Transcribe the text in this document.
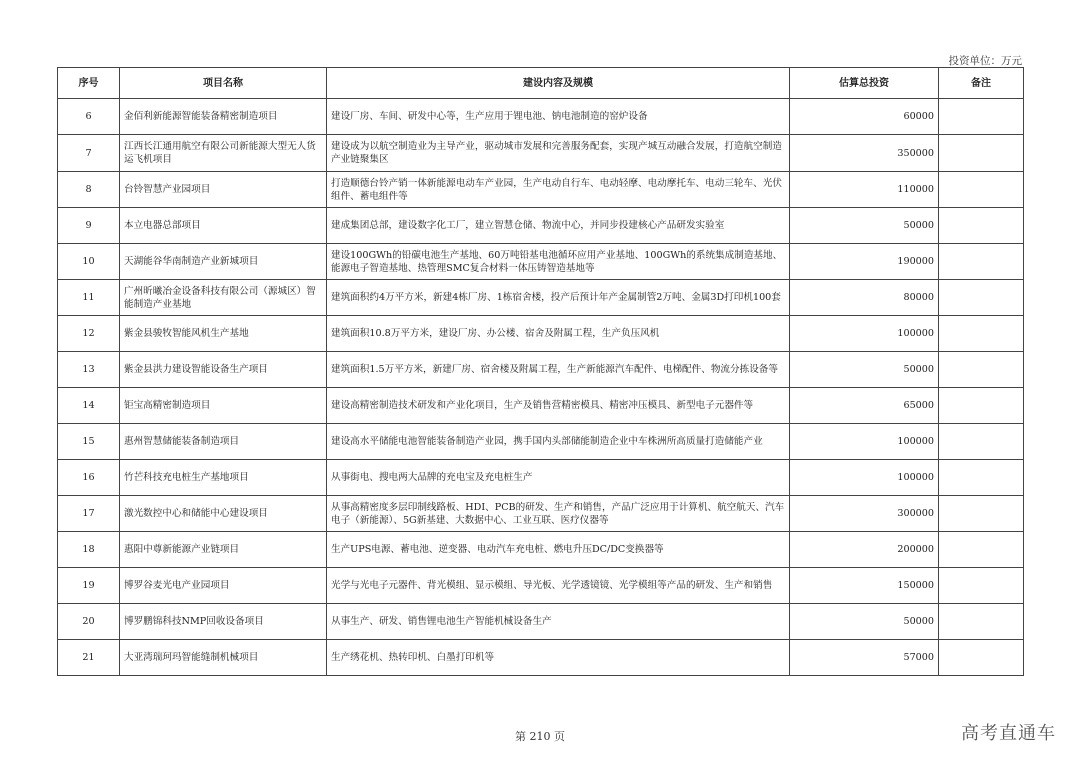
投资单位：万元
序号	项目名称	建设内容及规模	估算总投资	备注
6	金佰利新能源智能装备精密制造项目	建设厂房、车间、研发中心等，生产应用于锂电池、钠电池制造的窑炉设备	60000	
7	江西长江通用航空有限公司新能源大型无人货运飞机项目	建设成为以航空制造业为主导产业，驱动城市发展和完善服务配套，实现产城互动融合发展，打造航空制造产业链聚集区	350000	
8	台铃智慧产业园项目	打造顺德台铃产销一体新能源电动车产业园，生产电动自行车、电动轻摩、电动摩托车、电动三轮车、光伏组件、蓄电组件等	110000	
9	本立电器总部项目	建成集团总部，建设数字化工厂，建立智慧仓储、物流中心，并同步投建核心产品研发实验室	50000	
10	天湖能谷华南制造产业新城项目	建设100GWh的铅碳电池生产基地、60万吨铅基电池循环应用产业基地、100GWh的系统集成制造基地、能源电子智造基地、热管理SMC复合材料一体压铸智造基地等	190000	
11	广州昕曦冶金设备科技有限公司（源城区）智能制造产业基地	建筑面积约4万平方米，新建4栋厂房、1栋宿舍楼，投产后预计年产金属制管2万吨、金属3D打印机100套	80000	
12	紫金县骏牧智能风机生产基地	建筑面积10.8万平方米，建设厂房、办公楼、宿舍及附属工程，生产负压风机	100000	
13	紫金县洪力建设智能设备生产项目	建筑面积1.5万平方米，新建厂房、宿舍楼及附属工程，生产新能源汽车配件、电梯配件、物流分拣设备等	50000	
14	钜宝高精密制造项目	建设高精密制造技术研发和产业化项目，生产及销售营精密模具、精密冲压模具、新型电子元器件等	65000	
15	惠州智慧储能装备制造项目	建设高水平储能电池智能装备制造产业园，携手国内头部储能制造企业中车株洲所高质量打造储能产业	100000	
16	竹芒科技充电桩生产基地项目	从事街电、搜电两大品牌的充电宝及充电桩生产	100000	
17	激光数控中心和储能中心建设项目	从事高精密度多层印制线路板、HDI、PCB的研发、生产和销售，产品广泛应用于计算机、航空航天、汽车电子（新能源）、5G新基建、大数据中心、工业互联、医疗仪器等	300000	
18	惠阳中尊新能源产业链项目	生产UPS电源、蓄电池、逆变器、电动汽车充电桩、燃电升压DC/DC变换器等	200000	
19	博罗谷麦光电产业园项目	光学与光电子元器件、背光模组、显示模组、导光板、光学透镜镜、光学模组等产品的研发、生产和销售	150000	
20	博罗鹏锦科技NMP回收设备项目	从事生产、研发、销售锂电池生产智能机械设备生产	50000	
21	大亚湾瑞珂玛智能缝制机械项目	生产绣花机、热转印机、白墨打印机等	57000	
第 210 页	高考直通车
